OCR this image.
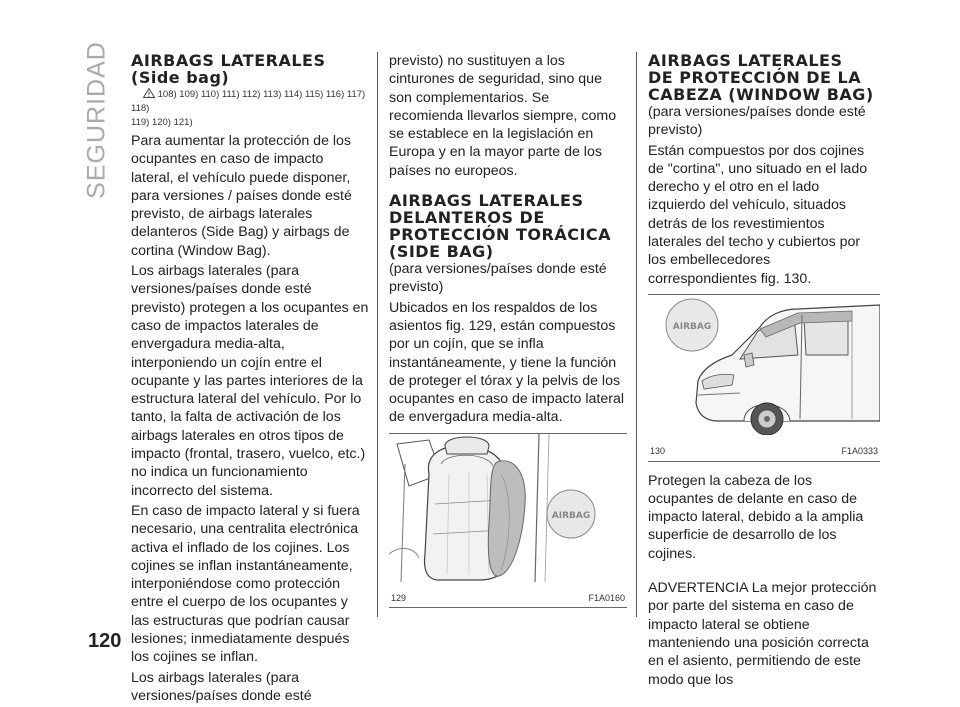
SEGURIDAD AIRBAGS LATERALES
(Side bag)
108) 109) 110) 111) 112) 113) 114) 115) 116) 117) 118)
119) 120) 121)

Para aumentar la protección de los ocupantes en caso de impacto lateral, el vehículo puede disponer, para versiones / países donde esté previsto, de airbags laterales delanteros (Side Bag) y airbags de cortina (Window Bag).

Los airbags laterales (para versiones/países donde esté previsto) protegen a los ocupantes en caso de impactos laterales de envergadura media-alta, interponiendo un cojín entre el ocupante y las partes interiores de la estructura lateral del vehículo. Por lo tanto, la falta de activación de los airbags laterales en otros tipos de impacto (frontal, trasero, vuelco, etc.) no indica un funcionamiento incorrecto del sistema.

En caso de impacto lateral y si fuera necesario, una centralita electrónica activa el inflado de los cojines. Los cojines se inflan instantáneamente, interponiéndose como protección entre el cuerpo de los ocupantes y las estructuras que podrían causar lesiones; inmediatamente después los cojines se inflan.

Los airbags laterales (para versiones/países donde esté

previsto) no sustituyen a los cinturones de seguridad, sino que son complementarios. Se recomienda llevarlos siempre, como se establece en la legislación en Europa y en la mayor parte de los países no europeos.

AIRBAGS LATERALES
DELANTEROS DE
PROTECCIÓN TORÁCICA
(SIDE BAG)

(para versiones/países donde esté previsto)

Ubicados en los respaldos de los asientos fig. 129, están compuestos por un cojín, que se infla instantáneamente, y tiene la función de proteger el tórax y la pelvis de los ocupantes en caso de impacto lateral de envergadura media-alta.

AIRBAG
129	F1A0160
AIRBAGS LATERALES
DE PROTECCIÓN DE LA
CABEZA (WINDOW BAG)

(para versiones/países donde esté previsto)

Están compuestos por dos cojines de "cortina", uno situado en el lado derecho y el otro en el lado izquierdo del vehículo, situados detrás de los revestimientos laterales del techo y cubiertos por los embellecedores correspondientes fig. 130.

AIRBAG
130	F1A0333

Protegen la cabeza de los ocupantes de delante en caso de impacto lateral, debido a la amplia superficie de desarrollo de los cojines.

ADVERTENCIA La mejor protección por parte del sistema en caso de impacto lateral se obtiene manteniendo una posición correcta en el asiento, permitiendo de este modo que los

120
